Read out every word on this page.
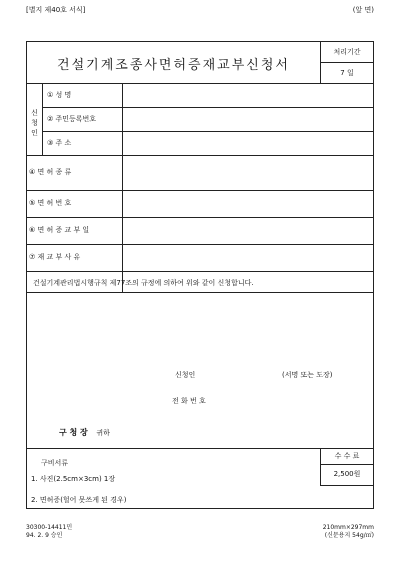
[별지 제40호 서식]	(앞 면)
건설기계조종사면허증재교부신청서
처리기간
7 일
신청인
① 성 명
② 주민등록번호
③ 주 소
④ 면 허 종 류
⑤ 면 허 번 호
⑥ 면 허 증 교 부 일
⑦ 재 교 부 사 유
건설기계관리법시행규칙 제77조의 규정에 의하여 위와 같이 신청합니다.
신청인	(서명 또는 도장)
전 화 번 호
구 청 장 귀하
수 수 료
2,500원
구비서류
1. 사진(2.5cm×3cm) 1장
2. 면허증(헐어 못쓰게 된 경우)
30300-14411민
94. 2. 9 승인
210mm×297mm
(신문용지 54g/㎡)
